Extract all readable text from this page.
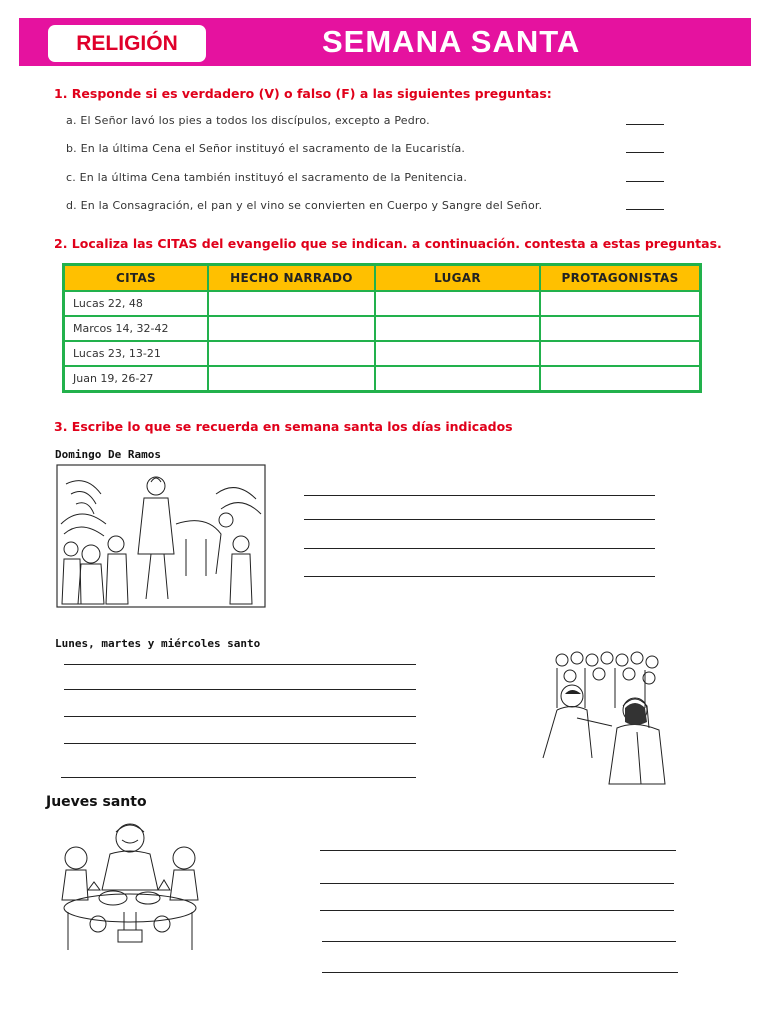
RELIGIÓN	SEMANA SANTA
1. Responde si es verdadero (V) o falso (F) a las siguientes preguntas:
a. El Señor lavó los pies a todos los discípulos, excepto a Pedro.
b. En la última Cena el Señor instituyó el sacramento de la Eucaristía.
c. En la última Cena también instituyó el sacramento de la Penitencia.
d. En la Consagración, el pan y el vino se convierten en Cuerpo y Sangre del Señor.
2. Localiza las CITAS del evangelio que se indican. a continuación. contesta a estas preguntas.
CITAS	HECHO NARRADO	LUGAR	PROTAGONISTAS
Lucas 22, 48			
Marcos 14, 32-42			
Lucas 23, 13-21			
Juan 19, 26-27			
3. Escribe lo que se recuerda en semana santa los días indicados
Domingo De Ramos
Lunes, martes y miércoles santo
Jueves santo
